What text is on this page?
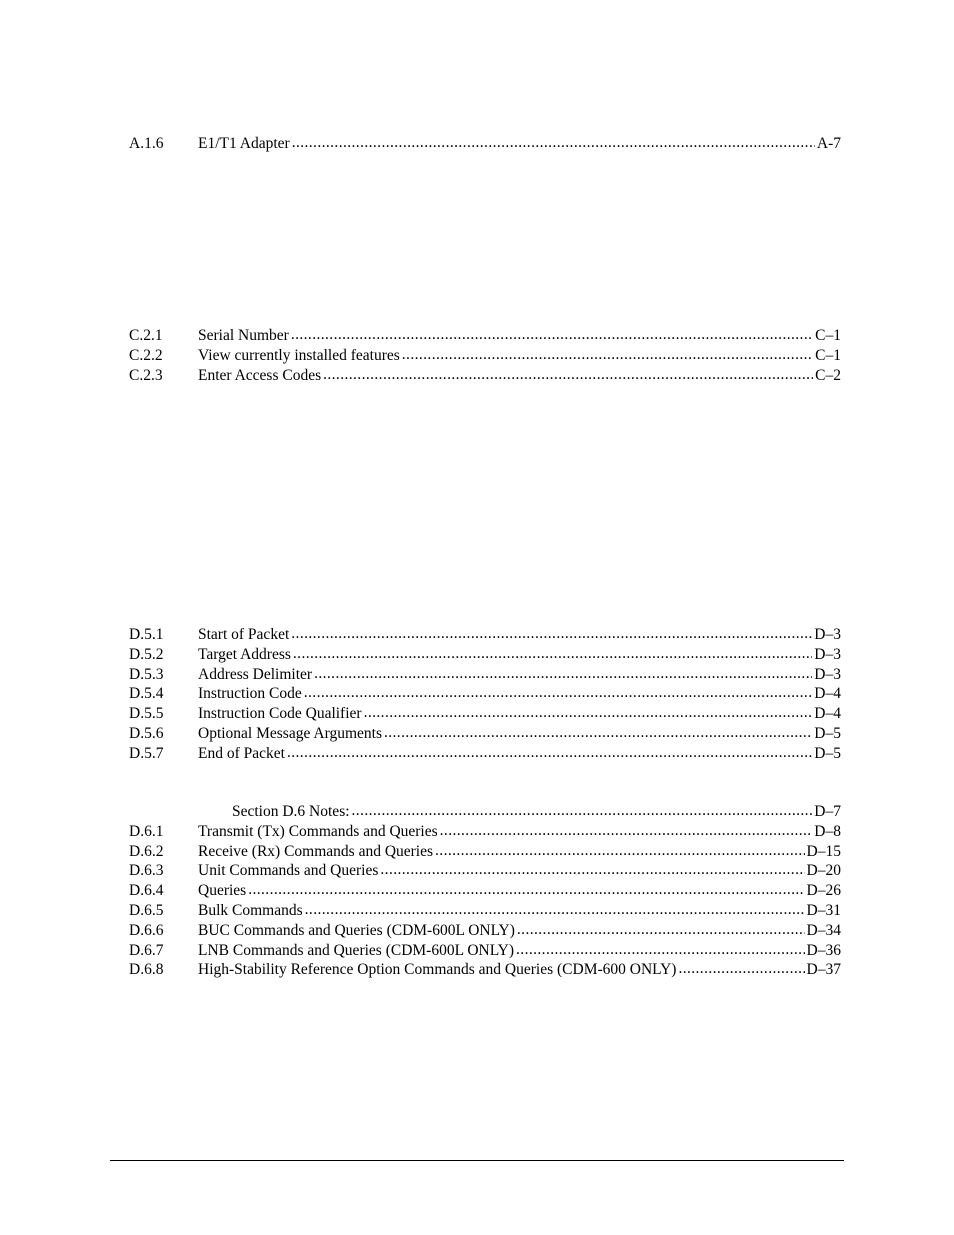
A.1.6	E1/T1 Adapter .....	A-7
C.2.1	Serial Number .....	C–1
C.2.2	View currently installed features .....	C–1
C.2.3	Enter Access Codes .....	C–2
D.5.1	Start of Packet .....	D–3
D.5.2	Target Address .....	D–3
D.5.3	Address Delimiter .....	D–3
D.5.4	Instruction Code .....	D–4
D.5.5	Instruction Code Qualifier .....	D–4
D.5.6	Optional Message Arguments .....	D–5
D.5.7	End of Packet .....	D–5
Section D.6 Notes: .....	D–7
D.6.1	Transmit (Tx) Commands and Queries .....	D–8
D.6.2	Receive (Rx) Commands and Queries .....	D–15
D.6.3	Unit Commands and Queries .....	D–20
D.6.4	Queries .....	D–26
D.6.5	Bulk Commands .....	D–31
D.6.6	BUC Commands and Queries (CDM-600L ONLY) .....	D–34
D.6.7	LNB Commands and Queries (CDM-600L ONLY) .....	D–36
D.6.8	High-Stability Reference Option Commands and Queries (CDM-600 ONLY) .....	D–37
